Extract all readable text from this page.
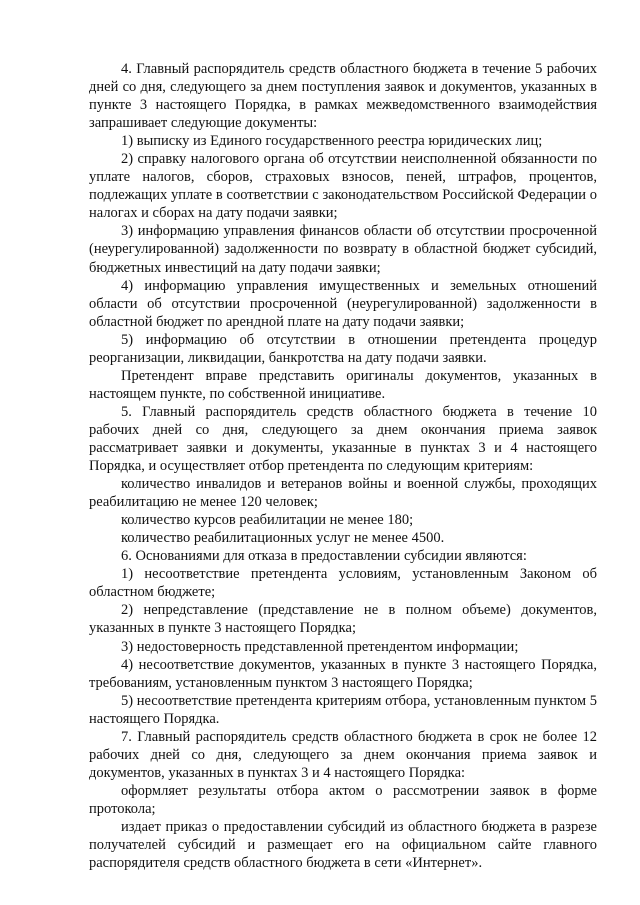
4. Главный распорядитель средств областного бюджета в течение 5 рабочих дней со дня, следующего за днем поступления заявок и документов, указанных в пункте 3 настоящего Порядка, в рамках межведомственного взаимодействия запрашивает следующие документы:

1) выписку из Единого государственного реестра юридических лиц;

2) справку налогового органа об отсутствии неисполненной обязанности по уплате налогов, сборов, страховых взносов, пеней, штрафов, процентов, подлежащих уплате в соответствии с законодательством Российской Федерации о налогах и сборах на дату подачи заявки;

3) информацию управления финансов области об отсутствии просроченной (неурегулированной) задолженности по возврату в областной бюджет субсидий, бюджетных инвестиций на дату подачи заявки;

4) информацию управления имущественных и земельных отношений области об отсутствии просроченной (неурегулированной) задолженности в областной бюджет по арендной плате на дату подачи заявки;

5) информацию об отсутствии в отношении претендента процедур реорганизации, ликвидации, банкротства на дату подачи заявки.

Претендент вправе представить оригиналы документов, указанных в настоящем пункте, по собственной инициативе.

5. Главный распорядитель средств областного бюджета в течение 10 рабочих дней со дня, следующего за днем окончания приема заявок рассматривает заявки и документы, указанные в пунктах 3 и 4 настоящего Порядка, и осуществляет отбор претендента по следующим критериям:

количество инвалидов и ветеранов войны и военной службы, проходящих реабилитацию не менее 120 человек;

количество курсов реабилитации не менее 180;

количество реабилитационных услуг не менее 4500.

6. Основаниями для отказа в предоставлении субсидии являются:

1) несоответствие претендента условиям, установленным Законом об областном бюджете;

2) непредставление (представление не в полном объеме) документов, указанных в пункте 3 настоящего Порядка;

3) недостоверность представленной претендентом информации;

4) несоответствие документов, указанных в пункте 3 настоящего Порядка, требованиям, установленным пунктом 3 настоящего Порядка;

5) несоответствие претендента критериям отбора, установленным пунктом 5 настоящего Порядка.

7. Главный распорядитель средств областного бюджета в срок не более 12 рабочих дней со дня, следующего за днем окончания приема заявок и документов, указанных в пунктах 3 и 4 настоящего Порядка:

оформляет результаты отбора актом о рассмотрении заявок в форме протокола;

издает приказ о предоставлении субсидий из областного бюджета в разрезе получателей субсидий и размещает его на официальном сайте главного распорядителя средств областного бюджета в сети «Интернет».
